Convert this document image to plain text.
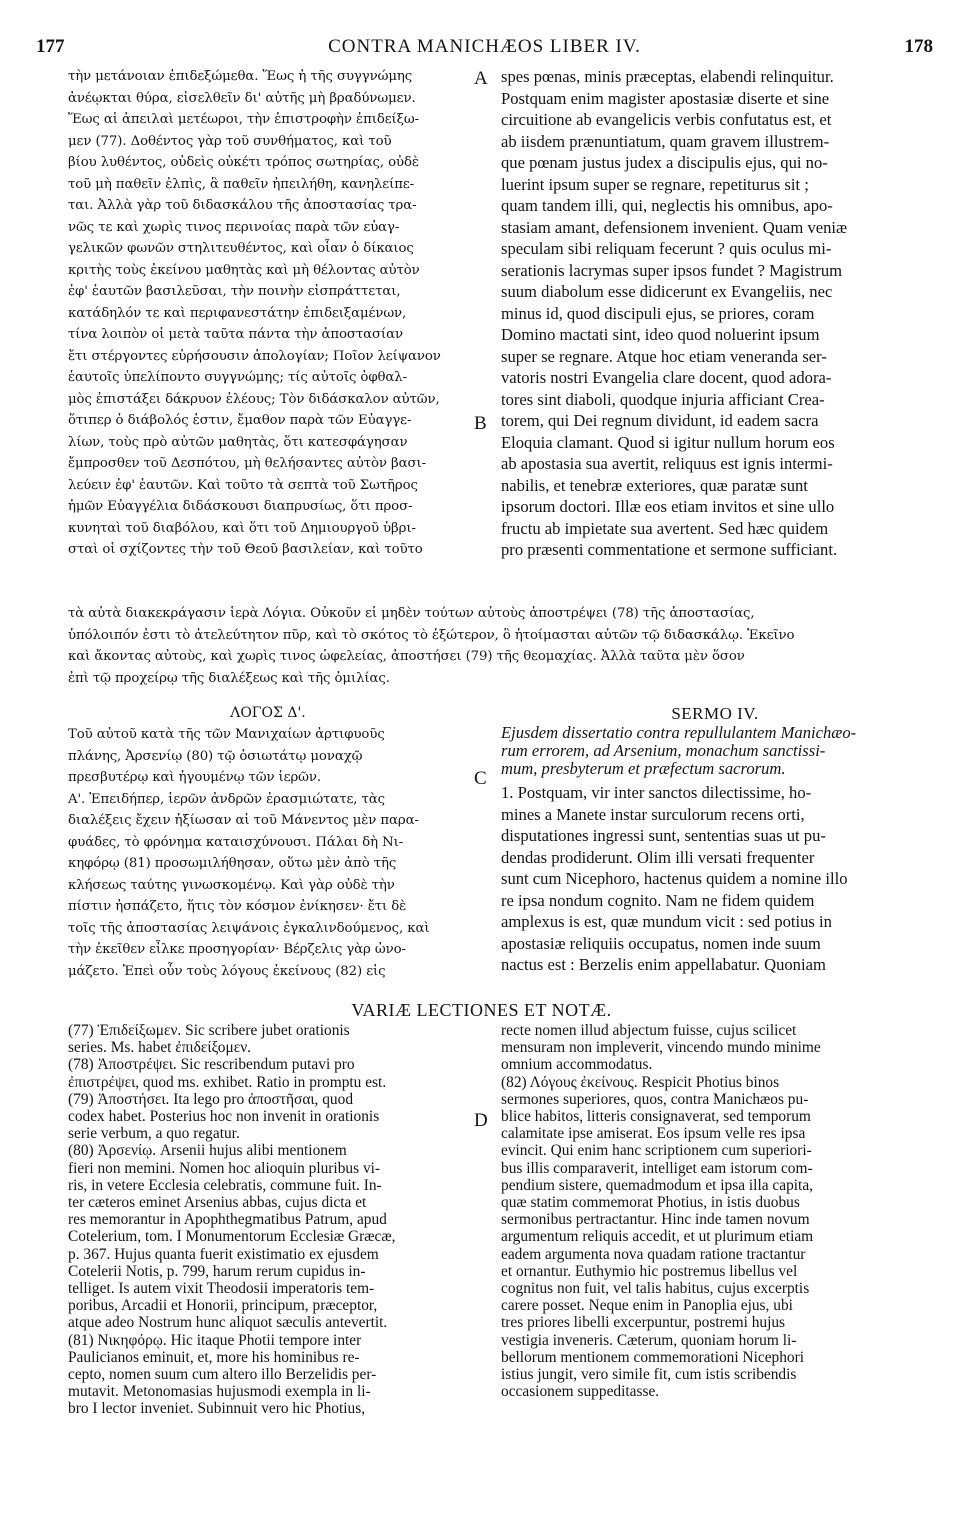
177	CONTRA MANICHÆOS LIBER IV.	178
A
B
C
D
τὴν μετάνοιαν ἐπιδεξώμεθα. Ἕως ἡ τῆς συγγνώμης
ἀνέῳκται θύρα, εἰσελθεῖν δι' αὐτῆς μὴ βραδύνωμεν.
Ἕως αἱ ἀπειλαὶ μετέωροι, τὴν ἐπιστροφὴν ἐπιδείξω-
μεν (77). Δοθέντος γὰρ τοῦ συνθήματος, καὶ τοῦ
βίου λυθέντος, οὐδεὶς οὐκέτι τρόπος σωτηρίας, οὐδὲ
τοῦ μὴ παθεῖν ἐλπὶς, ἃ παθεῖν ἠπειλήθη, κανηλείπε-
ται. Ἀλλὰ γὰρ τοῦ διδασκάλου τῆς ἀποστασίας τρα-
νῶς τε καὶ χωρὶς τινος περινοίας παρὰ τῶν εὐαγ-
γελικῶν φωνῶν στηλιτευθέντος, καὶ οἷαν ὁ δίκαιος
κριτὴς τοὺς ἐκείνου μαθητὰς καὶ μὴ θέλοντας αὐτὸν
ἐφ' ἑαυτῶν βασιλεῦσαι, τὴν ποινὴν εἰσπράττεται,
κατάδηλόν τε καὶ περιφανεστάτην ἐπιδειξαμένων,
τίνα λοιπὸν οἱ μετὰ ταῦτα πάντα τὴν ἀποστασίαν
ἔτι στέργοντες εὑρήσουσιν ἀπολογίαν; Ποῖον λείψανον
ἑαυτοῖς ὑπελίποντο συγγνώμης; τίς αὐτοῖς ὀφθαλ-
μὸς ἐπιστάξει δάκρυον ἐλέους; Τὸν διδάσκαλον αὐτῶν,
ὅτιπερ ὁ διάβολός ἐστιν, ἔμαθον παρὰ τῶν Εὐαγγε-
λίων, τοὺς πρὸ αὐτῶν μαθητὰς, ὅτι κατεσφάγησαν
ἔμπροσθεν τοῦ Δεσπότου, μὴ θελήσαντες αὐτὸν βασι-
λεύειν ἐφ' ἑαυτῶν. Καὶ τοῦτο τὰ σεπτὰ τοῦ Σωτῆρος
ἡμῶν Εὐαγγέλια διδάσκουσι διαπρυσίως, ὅτι προσ-
κυνηταὶ τοῦ διαβόλου, καὶ ὅτι τοῦ Δημιουργοῦ ὑβρι-
σταὶ οἱ σχίζοντες τὴν τοῦ Θεοῦ βασιλείαν, καὶ τοῦτο
spes pœnas, minis præceptas, elabendi relinquitur.
Postquam enim magister apostasiæ diserte et sine
circuitione ab evangelicis verbis confutatus est, et
ab iisdem prænuntiatum, quam gravem illustrem-
que pœnam justus judex a discipulis ejus, qui no-
luerint ipsum super se regnare, repetiturus sit ;
quam tandem illi, qui, neglectis his omnibus, apo-
stasiam amant, defensionem invenient. Quam veniæ
speculam sibi reliquam fecerunt ? quis oculus mi-
serationis lacrymas super ipsos fundet ? Magistrum
suum diabolum esse didicerunt ex Evangeliis, nec
minus id, quod discipuli ejus, se priores, coram
Domino mactati sint, ideo quod noluerint ipsum
super se regnare. Atque hoc etiam veneranda ser-
vatoris nostri Evangelia clare docent, quod adora-
tores sint diaboli, quodque injuria afficiant Crea-
torem, qui Dei regnum dividunt, id eadem sacra
Eloquia clamant. Quod si igitur nullum horum eos
ab apostasia sua avertit, reliquus est ignis intermi-
nabilis, et tenebræ exteriores, quæ paratæ sunt
ipsorum doctori. Illæ eos etiam invitos et sine ullo
fructu ab impietate sua avertent. Sed hæc quidem
pro præsenti commentatione et sermone sufficiant.
τὰ αὐτὰ διακεκράγασιν ἱερὰ Λόγια. Οὐκοῦν εἰ μηδὲν τούτων αὐτοὺς ἀποστρέψει (78) τῆς ἀποστασίας,
ὑπόλοιπόν ἐστι τὸ ἀτελεύτητον πῦρ, καὶ τὸ σκότος τὸ ἐξώτερον, ὃ ἡτοίμασται αὐτῶν τῷ διδασκάλῳ. Ἐκεῖνο
καὶ ἄκοντας αὐτοὺς, καὶ χωρὶς τινος ὠφελείας, ἀποστήσει (79) τῆς θεομαχίας. Ἀλλὰ ταῦτα μὲν ὅσον
ἐπὶ τῷ προχείρῳ τῆς διαλέξεως καὶ τῆς ὁμιλίας.
ΛΟΓΟΣ Δ'.
Τοῦ αὐτοῦ κατὰ τῆς τῶν Μανιχαίων ἀρτιφυοῦς
πλάνης, Ἀρσενίῳ (80) τῷ ὁσιωτάτῳ μοναχῷ
πρεσβυτέρῳ καὶ ἡγουμένῳ τῶν ἱερῶν.
Α'. Ἐπειδήπερ, ἱερῶν ἀνδρῶν ἐρασμιώτατε, τὰς
διαλέξεις ἔχειν ἠξίωσαν αἱ τοῦ Μάνεντος μὲν παρα-
φυάδες, τὸ φρόνημα καταισχύνουσι. Πάλαι δὴ Νι-
κηφόρῳ (81) προσωμιλήθησαν, οὕτω μὲν ἀπὸ τῆς
κλήσεως ταύτης γινωσκομένῳ. Καὶ γὰρ οὐδὲ τὴν
πίστιν ἠσπάζετο, ἥτις τὸν κόσμον ἐνίκησεν· ἔτι δὲ
τοῖς τῆς ἀποστασίας λειψάνοις ἐγκαλινδούμενος, καὶ
τὴν ἐκεῖθεν εἶλκε προσηγορίαν· Βέρζελις γὰρ ὠνο-
μάζετο. Ἐπεὶ οὖν τοὺς λόγους ἐκείνους (82) εἰς
SERMO IV.
Ejusdem dissertatio contra repullulantem Manichæo-
rum errorem, ad Arsenium, monachum sanctissi-
mum, presbyterum et præfectum sacrorum.
1. Postquam, vir inter sanctos dilectissime, ho-
mines a Manete instar surculorum recens orti,
disputationes ingressi sunt, sententias suas ut pu-
dendas prodiderunt. Olim illi versati frequenter
sunt cum Nicephoro, hactenus quidem a nomine illo
re ipsa nondum cognito. Nam ne fidem quidem
amplexus is est, quæ mundum vicit : sed potius in
apostasiæ reliquiis occupatus, nomen inde suum
nactus est : Berzelis enim appellabatur. Quoniam
VARIÆ LECTIONES ET NOTÆ.
(77) Ἐπιδείξωμεν. Sic scribere jubet orationis
series. Ms. habet ἐπιδείξομεν.
(78) Ἀποστρέψει. Sic rescribendum putavi pro
ἐπιστρέψει, quod ms. exhibet. Ratio in promptu est.
(79) Ἀποστήσει. Ita lego pro ἀποστῆσαι, quod
codex habet. Posterius hoc non invenit in orationis
serie verbum, a quo regatur.
(80) Ἀρσενίῳ. Arsenii hujus alibi mentionem
fieri non memini. Nomen hoc alioquin pluribus vi-
ris, in vetere Ecclesia celebratis, commune fuit. In-
ter cæteros eminet Arsenius abbas, cujus dicta et
res memorantur in Apophthegmatibus Patrum, apud
Cotelerium, tom. I Monumentorum Ecclesiæ Græcæ,
p. 367. Hujus quanta fuerit existimatio ex ejusdem
Cotelerii Notis, p. 799, harum rerum cupidus in-
telliget. Is autem vixit Theodosii imperatoris tem-
poribus, Arcadii et Honorii, principum, præceptor,
atque adeo Nostrum hunc aliquot sæculis antevertit.
(81) Νικηφόρῳ. Hic itaque Photii tempore inter
Paulicianos eminuit, et, more his hominibus re-
cepto, nomen suum cum altero illo Berzelidis per-
mutavit. Metonomasias hujusmodi exempla in li-
bro I lector inveniet. Subinnuit vero hic Photius,
recte nomen illud abjectum fuisse, cujus scilicet
mensuram non impleverit, vincendo mundo minime
omnium accommodatus.
(82) Λόγους ἐκείνους. Respicit Photius binos
sermones superiores, quos, contra Manichæos pu-
blice habitos, litteris consignaverat, sed temporum
calamitate ipse amiserat. Eos ipsum velle res ipsa
evincit. Qui enim hanc scriptionem cum superiori-
bus illis comparaverit, intelliget eam istorum com-
pendium sistere, quemadmodum et ipsa illa capita,
quæ statim commemorat Photius, in istis duobus
sermonibus pertractantur. Hinc inde tamen novum
argumentum reliquis accedit, et ut plurimum etiam
eadem argumenta nova quadam ratione tractantur
et ornantur. Euthymio hic postremus libellus vel
cognitus non fuit, vel talis habitus, cujus excerptis
carere posset. Neque enim in Panoplia ejus, ubi
tres priores libelli excerpuntur, postremi hujus
vestigia inveneris. Cæterum, quoniam horum li-
bellorum mentionem commemorationi Nicephori
istius jungit, vero simile fit, cum istis scribendis
occasionem suppeditasse.
